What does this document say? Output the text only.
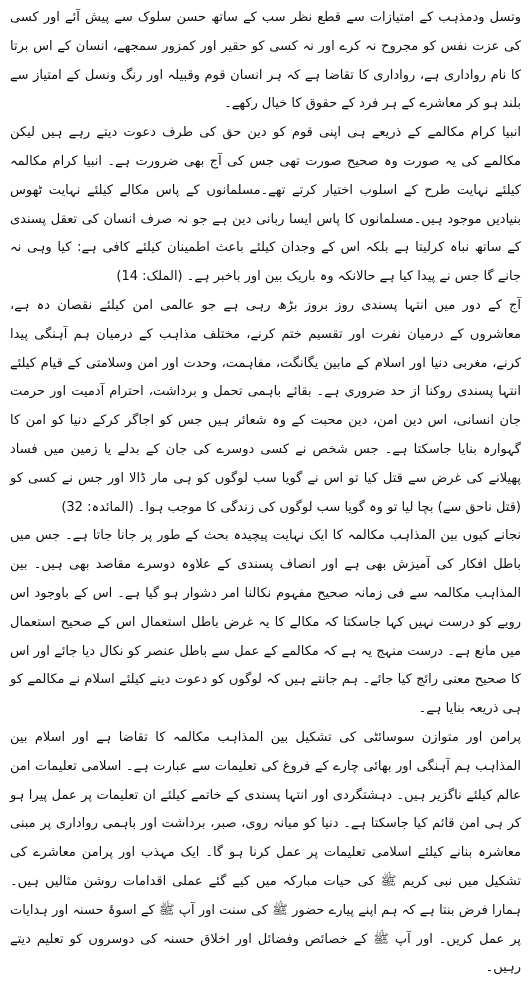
وتسل ودمذہب کے امتیازات سے قطع نظر سب کے ساتھ حسن سلوک سے پیش آئے اور کسی کی عزت نفس کو مجروح نہ کرے اور نہ کسی کو حقیر اور کمزور سمجھے، انسان کے اس برتا کا نام رواداری ہے، رواداری کا تقاضا ہے کہ ہر انسان قوم وقبیلہ اور رنگ ونسل کے امتیاز سے بلند ہو کر معاشرے کے ہر فرد کے حقوق کا خیال رکھے۔

انبیا کرام مکالمے کے ذریعے ہی اپنی قوم کو دین حق کی طرف دعوت دیتے رہے ہیں لیکن مکالمے کی یہ صورت وہ صحیح صورت تھی جس کی آج بھی ضرورت ہے۔ انبیا کرام مکالمہ کیلئے نہایت طرح کے اسلوب اختیار کرتے تھے۔مسلمانوں کے پاس مکالے کیلئے نہایت ٹھوس بنیادیں موجود ہیں۔مسلمانوں کا پاس ایسا ربانی دین ہے جو نہ صرف انسان کی تعقل پسندی کے ساتھ نباہ کرلیتا ہے بلکہ اس کے وجدان کیلئے باعث اطمینان کیلئے کافی ہے: کیا وہی نہ جانے گا جس نے پیدا کیا ہے حالانکہ وہ باریک بین اور باخبر ہے۔ (الملک: 14)

آج کے دور میں انتہا پسندی روز بروز بڑھ رہی ہے جو عالمی امن کیلئے نقصان دہ ہے، معاشروں کے درمیان نفرت اور تقسیم ختم کرنے، مختلف مذاہب کے درمیان ہم آہنگی پیدا کرنے، مغربی دنیا اور اسلام کے مابین یگانگت، مفاہمت، وحدت اور امن وسلامتی کے قیام کیلئے انتہا پسندی روکنا از حد ضروری ہے۔ بقائے باہمی تحمل و برداشت، احترام آدمیت اور حرمت جان انسانی، اس دین امن، دین محبت کے وہ شعائر ہیں جس کو اجاگر کرکے دنیا کو امن کا گہوارہ بنایا جاسکتا ہے۔ جس شخص نے کسی دوسرے کی جان کے بدلے یا زمین میں فساد پھیلانے کی غرض سے قتل کیا تو اس نے گویا سب لوگوں کو ہی مار ڈالا اور جس نے کسی کو (قتل ناحق سے) بچا لیا تو وہ گویا سب لوگوں کی زندگی کا موجب ہوا۔ (المائدہ: 32)

نجانے کیوں بین المذاہب مکالمہ کا ایک نہایت پیچیدہ بحث کے طور پر جانا جاتا ہے۔ جس میں باطل افکار کی آمیزش بھی ہے اور انصاف پسندی کے علاوہ دوسرے مقاصد بھی ہیں۔ بین المذاہب مکالمہ سے فی زمانہ صحیح مفہوم نکالنا امر دشوار ہو گیا ہے۔ اس کے باوجود اس رویے کو درست نہیں کہا جاسکتا کہ مکالے کا یہ غرض باطل استعمال اس کے صحیح استعمال میں مانع ہے۔ درست منہج یہ ہے کہ مکالمے کے عمل سے باطل عنصر کو نکال دیا جائے اور اس کا صحیح معنی رائج کیا جائے۔ ہم جانتے ہیں کہ لوگوں کو دعوت دینے کیلئے اسلام نے مکالمے کو ہی ذریعہ بنایا ہے۔

پرامن اور متوازن سوسائٹی کی تشکیل بین المذاہب مکالمہ کا تقاضا ہے اور اسلام بین المذاہب ہم آہنگی اور بھائی چارے کے فروغ کی تعلیمات سے عبارت ہے۔ اسلامی تعلیمات امن عالم کیلئے ناگزیر ہیں۔ دہشتگردی اور انتہا پسندی کے خاتمے کیلئے ان تعلیمات پر عمل پیرا ہو کر ہی امن قائم کیا جاسکتا ہے۔ دنیا کو میانہ روی، صبر، برداشت اور باہمی رواداری پر مبنی معاشرہ بنانے کیلئے اسلامی تعلیمات پر عمل کرنا ہو گا۔ ایک مہذب اور پرامن معاشرے کی تشکیل میں نبی کریم ﷺ کی حیات مبارکہ میں کیے گئے عملی اقدامات روشن مثالیں ہیں۔ ہمارا فرض بنتا ہے کہ ہم اپنے پیارے حضور ﷺ کی سنت اور آپ ﷺ کے اسوۂ حسنہ اور ہدایات پر عمل کریں۔ اور آپ ﷺ کے خصائص وفضائل اور اخلاق حسنہ کی دوسروں کو تعلیم دیتے رہیں۔
